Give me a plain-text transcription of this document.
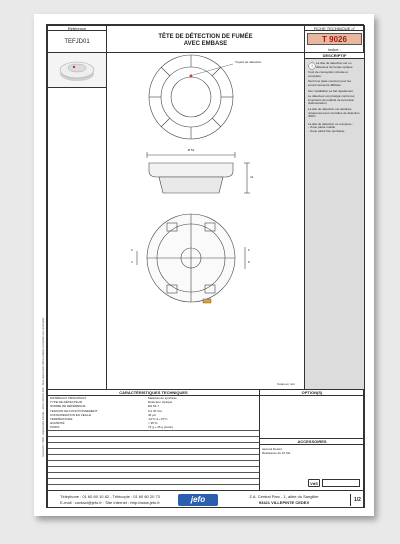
Référence
TEFJD01
TÊTE DE DÉTECTION DE FUMÉE
AVEC EMBASE
FICHE TECHNIQUE n°
T 9026
indice :
Voyant de détection
Ø 52
41
6
4
6
8
Cotes en mm
Document n° 9026 - Reproduction interdite - JADE FRANCE SAS - Toute reproduction même partielle est interdite sans autorisation
DESCRIPTIF
La tête de détection est un détecteur de fumée optique.
Il est de conception robuste et compacte.
Sa forme plate convient pour les environnements difficiles.
Son installation se fait rapidement.
Le détecteur est protégé contre les inversions de polarité de la tension d'alimentation.
La tête de détection est destinée uniquement aux centrales de détection JDFC.
La tête de détection se compose :
- d'une partie mobile
- d'une partie fixe (embase)
i
CARACTÉRISTIQUES TECHNIQUES
MATÉRIAUX PRINCIPAUX	Matériau de synthèse
TYPE DE DÉTECTEUR	Détecteur Optique
NORME DE RÉFÉRENCE	EN 54-7
TENSION DE FONCTIONNEMENT	9 à 30 Vcc
CONSOMMATION EN VEILLE	45 µA
TEMPÉRATURE	-10°C à +70°C
HUMIDITÉ	< 95 %
POIDS	73 g + 45 g (socle)
OPTION(S)
ACCESSOIRES
Aérosol Detekt
Résistance de 10 KΩ
VdS
Téléphone : 01 60 60 10 82 - Télécopie : 01 60 60 20 73
E-mail : contact@jefo.fr · Site Internet : http://www.jefo.fr	jefo	Z.A. Central Parc - 1, allée du Sangliier
93421 VILLEPINTE CEDEX	1/2
